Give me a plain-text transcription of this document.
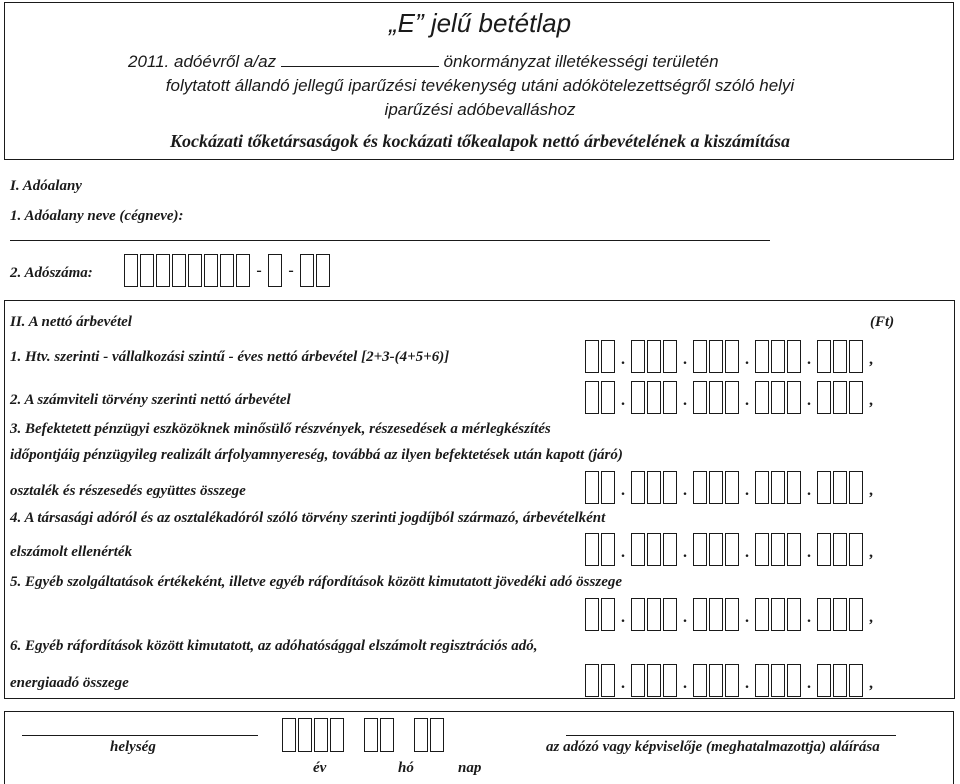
„E” jelű betétlap
2011. adóévről a/az	önkormányzat illetékességi területén
folytatott állandó jellegű iparűzési tevékenység utáni adókötelezettségről szóló helyi
iparűzési adóbevalláshoz
Kockázati tőketársaságok és kockázati tőkealapok nettó árbevételének a kiszámítása
I. Adóalany
1. Adóalany neve (cégneve):
2. Adószáma:	- -
II. A nettó árbevétel	(Ft)
1. Htv. szerinti - vállalkozási szintű - éves nettó árbevétel [2+3-(4+5+6)]	.	.	.	.	,
2. A számviteli törvény szerinti nettó árbevétel	.	.	.	.	,
3. Befektetett pénzügyi eszközöknek minősülő részvények, részesedések a mérlegkészítés
időpontjáig pénzügyileg realizált árfolyamnyereség, továbbá az ilyen befektetések után kapott (járó)
osztalék és részesedés együttes összege	.	.	.	.	,
4. A társasági adóról és az osztalékadóról szóló törvény szerinti jogdíjból származó, árbevételként
elszámolt ellenérték	.	.	.	.	,
5. Egyéb szolgáltatások értékeként, illetve egyéb ráfordítások között kimutatott jövedéki adó összege
.	.	.	.	,
6. Egyéb ráfordítások között kimutatott, az adóhatósággal elszámolt regisztrációs adó,
energiaadó összege	.	.	.	.	,
helység
év	hó	nap
az adózó vagy képviselője (meghatalmazottja) aláírása
